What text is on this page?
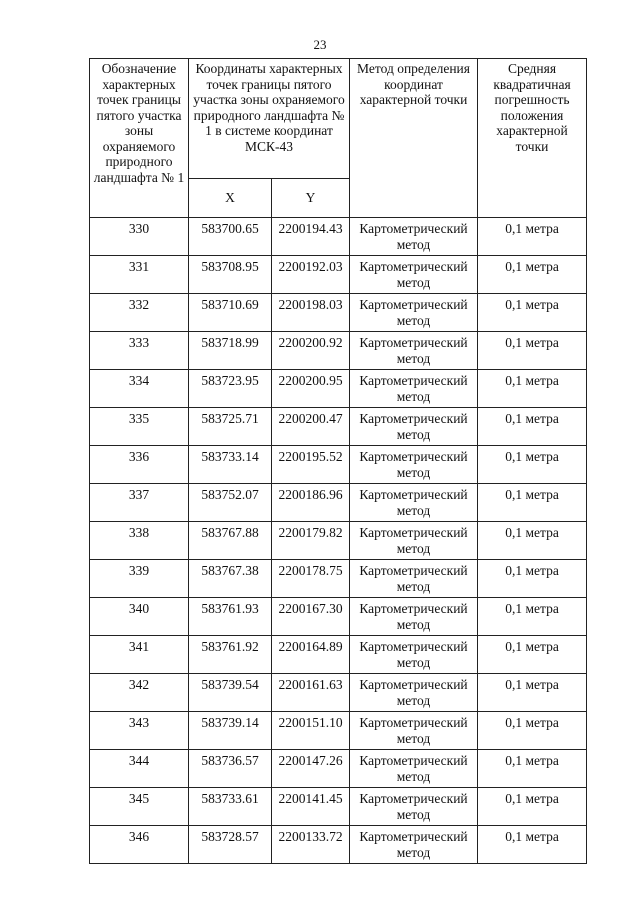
23
Обозначение характерных точек границы пятого участка зоны охраняемого природного ландшафта № 1	Координаты характерных точек границы пятого участка зоны охраняемого природного ландшафта № 1 в системе координат МСК-43		Метод определения координат характерной точки	Средняя квадратичная погрешность положения характерной точки

	X	Y		
330	583700.65	2200194.43	Картометрический метод	0,1 метра
331	583708.95	2200192.03	Картометрический метод	0,1 метра
332	583710.69	2200198.03	Картометрический метод	0,1 метра
333	583718.99	2200200.92	Картометрический метод	0,1 метра
334	583723.95	2200200.95	Картометрический метод	0,1 метра
335	583725.71	2200200.47	Картометрический метод	0,1 метра
336	583733.14	2200195.52	Картометрический метод	0,1 метра
337	583752.07	2200186.96	Картометрический метод	0,1 метра
338	583767.88	2200179.82	Картометрический метод	0,1 метра
339	583767.38	2200178.75	Картометрический метод	0,1 метра
340	583761.93	2200167.30	Картометрический метод	0,1 метра
341	583761.92	2200164.89	Картометрический метод	0,1 метра
342	583739.54	2200161.63	Картометрический метод	0,1 метра
343	583739.14	2200151.10	Картометрический метод	0,1 метра
344	583736.57	2200147.26	Картометрический метод	0,1 метра
345	583733.61	2200141.45	Картометрический метод	0,1 метра
346	583728.57	2200133.72	Картометрический метод	0,1 метра
